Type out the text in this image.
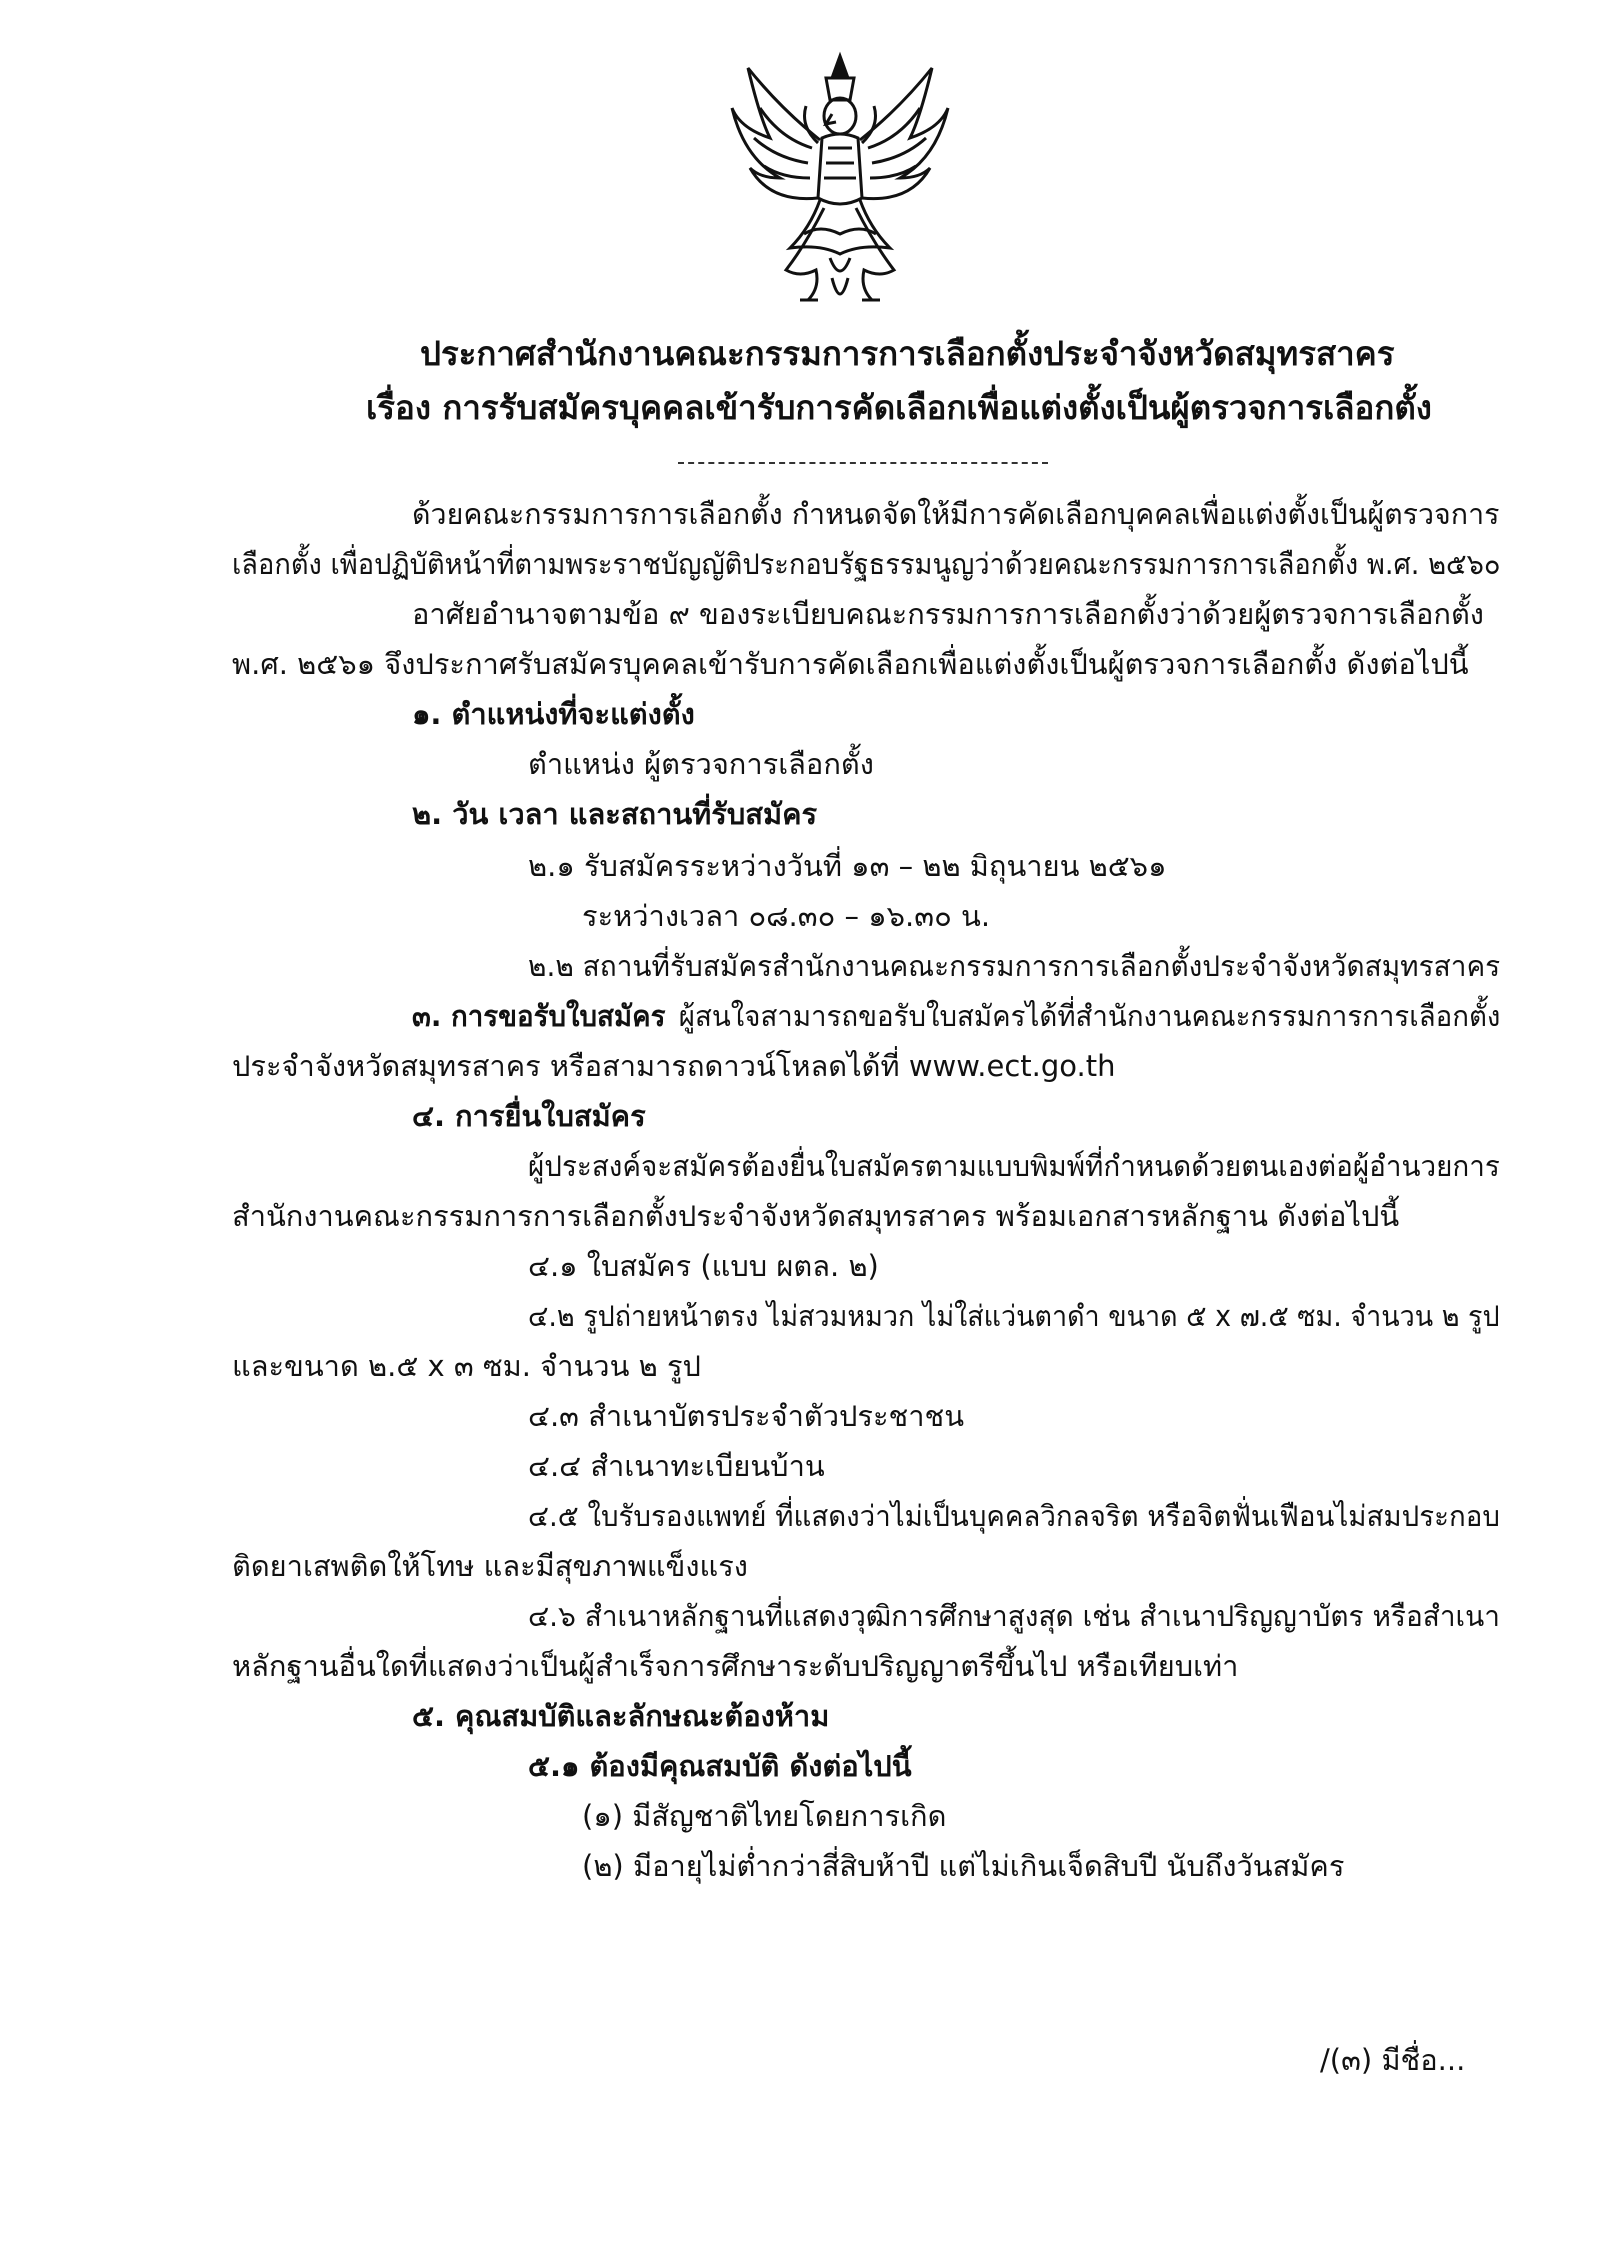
ประกาศสำนักงานคณะกรรมการการเลือกตั้งประจำจังหวัดสมุทรสาคร
เรื่อง การรับสมัครบุคคลเข้ารับการคัดเลือกเพื่อแต่งตั้งเป็นผู้ตรวจการเลือกตั้ง
ด้วยคณะกรรมการการเลือกตั้ง กำหนดจัดให้มีการคัดเลือกบุคคลเพื่อแต่งตั้งเป็นผู้ตรวจการ
เลือกตั้ง เพื่อปฏิบัติหน้าที่ตามพระราชบัญญัติประกอบรัฐธรรมนูญว่าด้วยคณะกรรมการการเลือกตั้ง พ.ศ. ๒๕๖๐
อาศัยอำนาจตามข้อ ๙ ของระเบียบคณะกรรมการการเลือกตั้งว่าด้วยผู้ตรวจการเลือกตั้ง
พ.ศ. ๒๕๖๑ จึงประกาศรับสมัครบุคคลเข้ารับการคัดเลือกเพื่อแต่งตั้งเป็นผู้ตรวจการเลือกตั้ง ดังต่อไปนี้
๑. ตำแหน่งที่จะแต่งตั้ง
ตำแหน่ง ผู้ตรวจการเลือกตั้ง
๒. วัน เวลา และสถานที่รับสมัคร
๒.๑ รับสมัครระหว่างวันที่ ๑๓ – ๒๒ มิถุนายน ๒๕๖๑
ระหว่างเวลา ๐๘.๓๐ – ๑๖.๓๐ น.
๒.๒ สถานที่รับสมัครสำนักงานคณะกรรมการการเลือกตั้งประจำจังหวัดสมุทรสาคร
๓. การขอรับใบสมัคร ผู้สนใจสามารถขอรับใบสมัครได้ที่สำนักงานคณะกรรมการการเลือกตั้ง
ประจำจังหวัดสมุทรสาคร หรือสามารถดาวน์โหลดได้ที่ www.ect.go.th
๔. การยื่นใบสมัคร
ผู้ประสงค์จะสมัครต้องยื่นใบสมัครตามแบบพิมพ์ที่กำหนดด้วยตนเองต่อผู้อำนวยการ
สำนักงานคณะกรรมการการเลือกตั้งประจำจังหวัดสมุทรสาคร พร้อมเอกสารหลักฐาน ดังต่อไปนี้
๔.๑ ใบสมัคร (แบบ ผตล. ๒)
๔.๒ รูปถ่ายหน้าตรง ไม่สวมหมวก ไม่ใส่แว่นตาดำ ขนาด ๕ x ๗.๕ ซม. จำนวน ๒ รูป
และขนาด ๒.๕ x ๓ ซม. จำนวน ๒ รูป
๔.๓ สำเนาบัตรประจำตัวประชาชน
๔.๔ สำเนาทะเบียนบ้าน
๔.๕ ใบรับรองแพทย์ ที่แสดงว่าไม่เป็นบุคคลวิกลจริต หรือจิตฟั่นเฟือนไม่สมประกอบ
ติดยาเสพติดให้โทษ และมีสุขภาพแข็งแรง
๔.๖ สำเนาหลักฐานที่แสดงวุฒิการศึกษาสูงสุด เช่น สำเนาปริญญาบัตร หรือสำเนา
หลักฐานอื่นใดที่แสดงว่าเป็นผู้สำเร็จการศึกษาระดับปริญญาตรีขึ้นไป หรือเทียบเท่า
๕. คุณสมบัติและลักษณะต้องห้าม
๕.๑ ต้องมีคุณสมบัติ ดังต่อไปนี้
(๑) มีสัญชาติไทยโดยการเกิด
(๒) มีอายุไม่ต่ำกว่าสี่สิบห้าปี แต่ไม่เกินเจ็ดสิบปี นับถึงวันสมัคร
/(๓) มีชื่อ...
